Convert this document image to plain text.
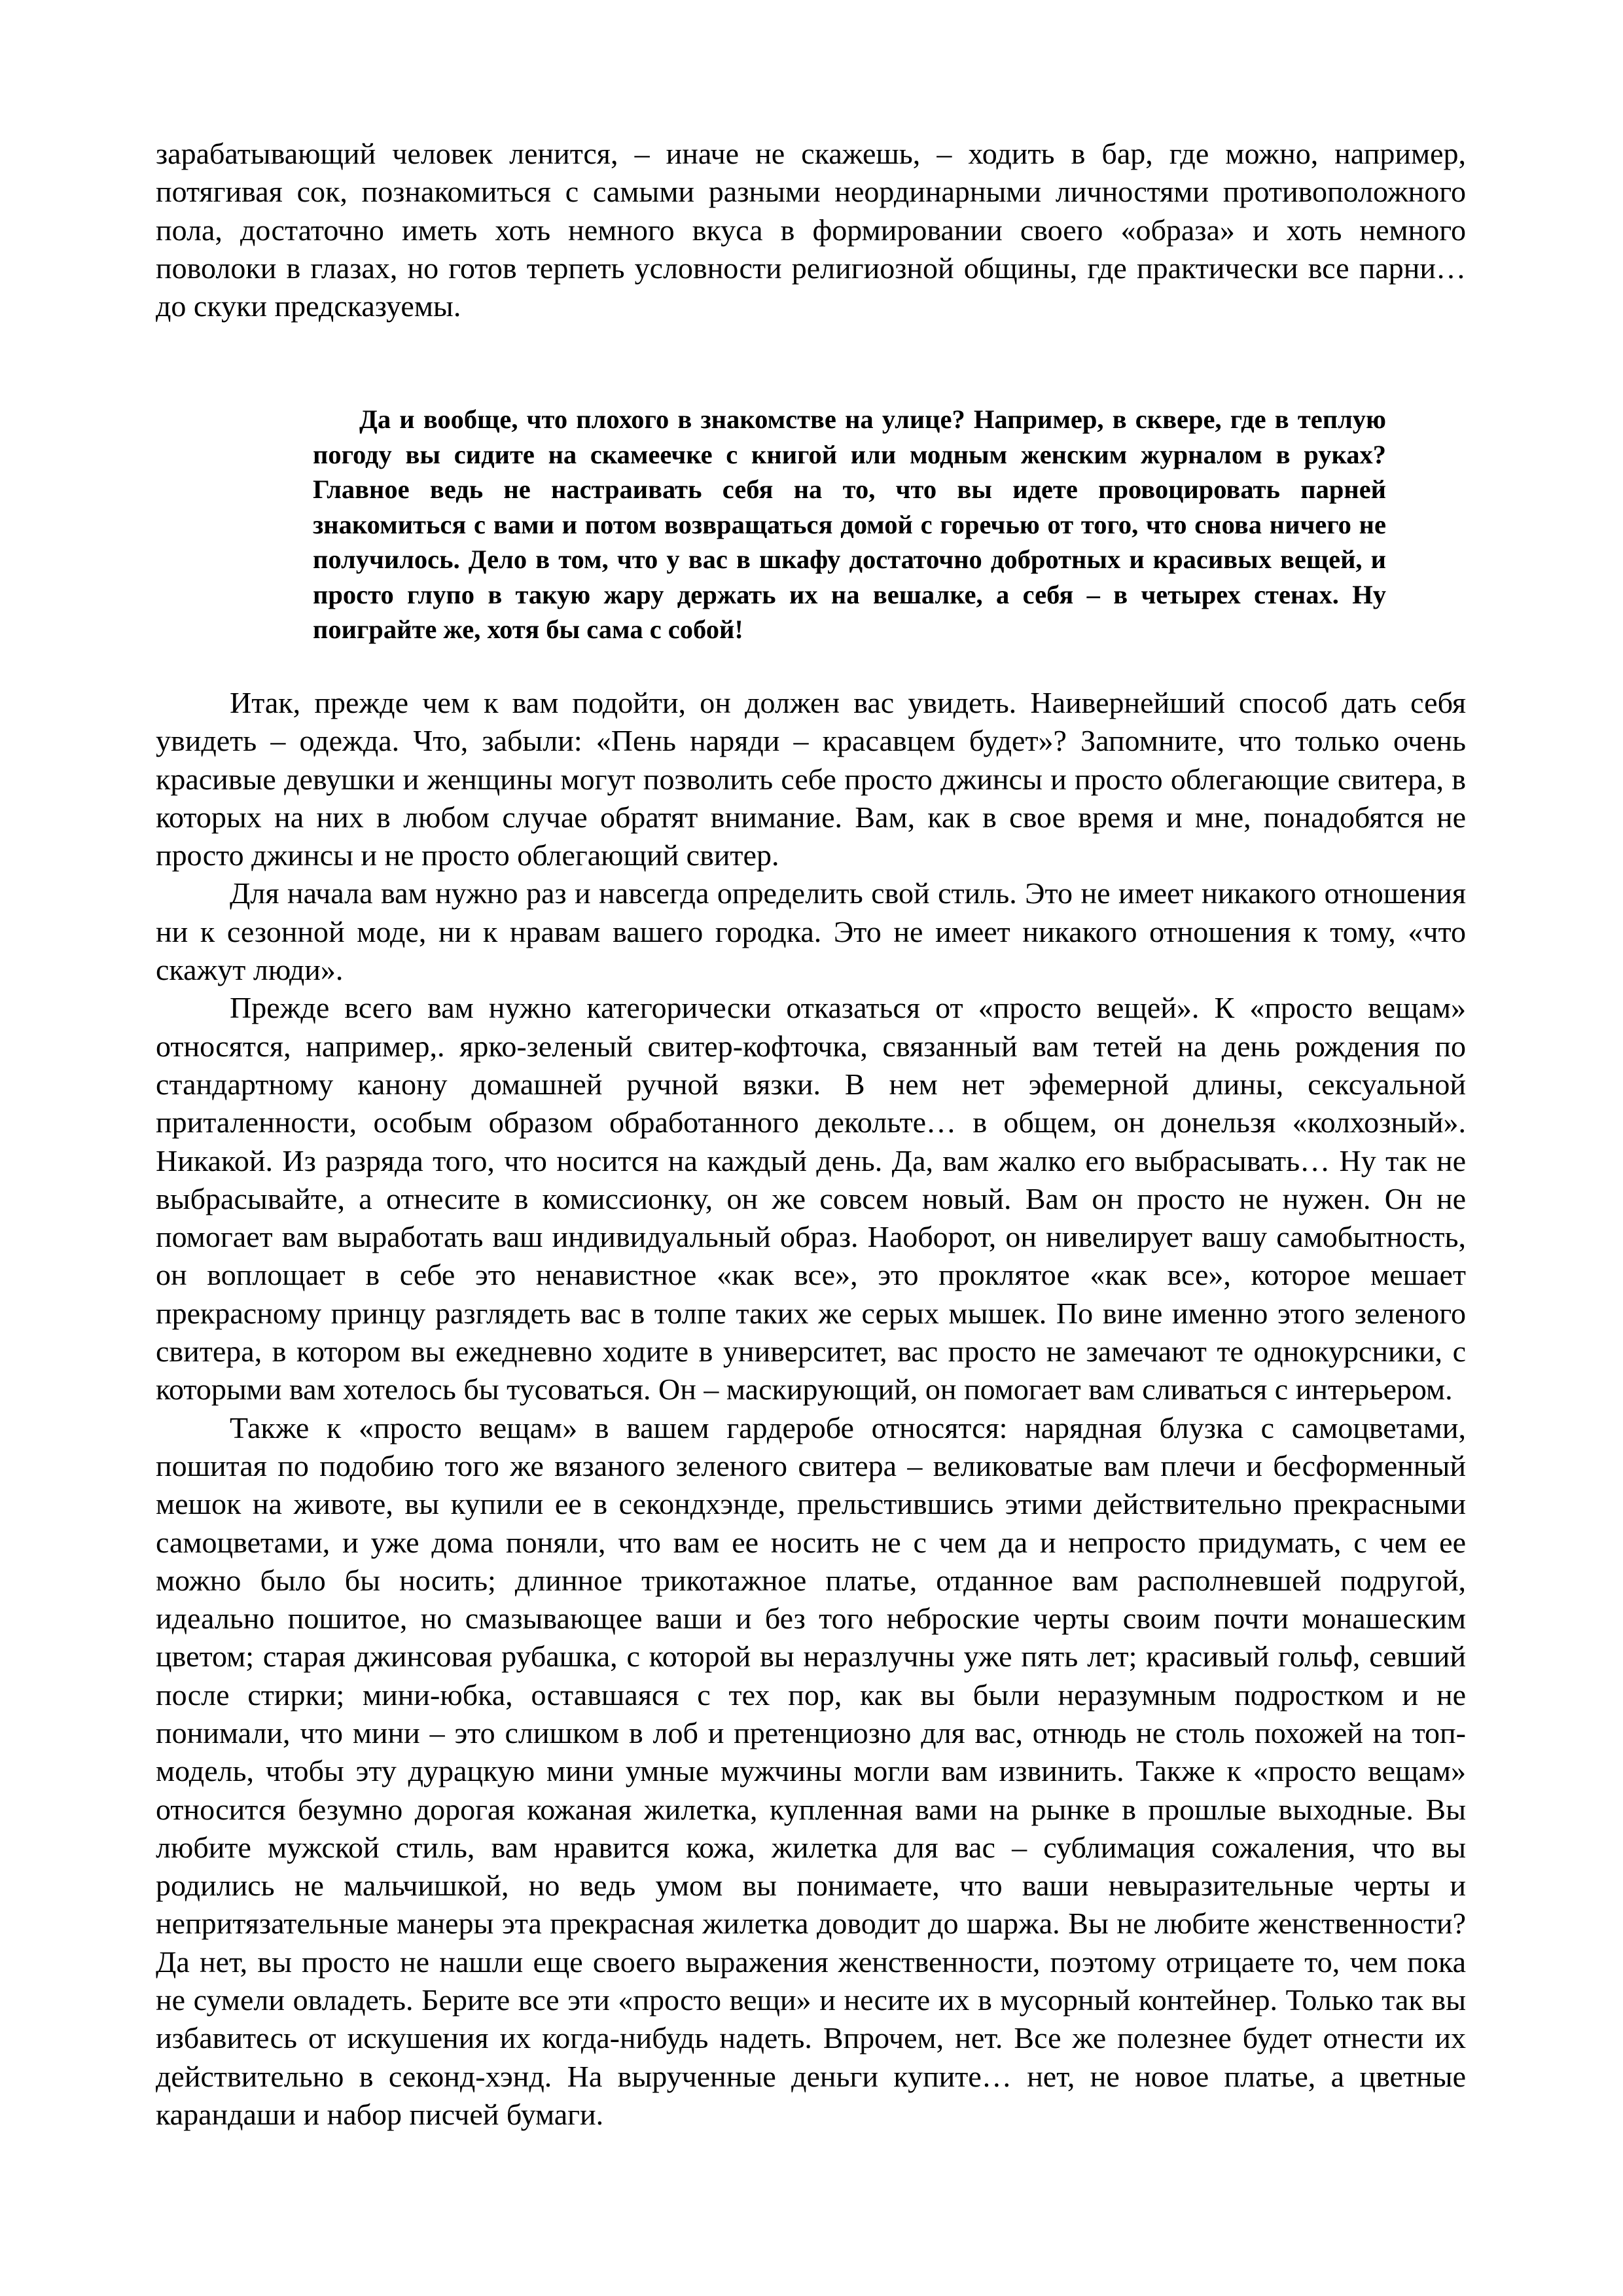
зарабатывающий человек ленится, – иначе не скажешь, – ходить в бар, где можно, например, потягивая сок, познакомиться с самыми разными неординарными личностями противоположного пола, достаточно иметь хоть немного вкуса в формировании своего «образа» и хоть немного поволоки в глазах, но готов терпеть условности религиозной общины, где практически все парни… до скуки предсказуемы.

Да и вообще, что плохого в знакомстве на улице? Например, в сквере, где в теплую погоду вы сидите на скамеечке с книгой или модным женским журналом в руках? Главное ведь не настраивать себя на то, что вы идете провоцировать парней знакомиться с вами и потом возвращаться домой с горечью от того, что снова ничего не получилось. Дело в том, что у вас в шкафу достаточно добротных и красивых вещей, и просто глупо в такую жару держать их на вешалке, а себя – в четырех стенах. Ну поиграйте же, хотя бы сама с собой!

Итак, прежде чем к вам подойти, он должен вас увидеть. Наивернейший способ дать себя увидеть – одежда. Что, забыли: «Пень наряди – красавцем будет»? Запомните, что только очень красивые девушки и женщины могут позволить себе просто джинсы и просто облегающие свитера, в которых на них в любом случае обратят внимание. Вам, как в свое время и мне, понадобятся не просто джинсы и не просто облегающий свитер.

Для начала вам нужно раз и навсегда определить свой стиль. Это не имеет никакого отношения ни к сезонной моде, ни к нравам вашего городка. Это не имеет никакого отношения к тому, «что скажут люди».

Прежде всего вам нужно категорически отказаться от «просто вещей». К «просто вещам» относятся, например,. ярко-зеленый свитер-кофточка, связанный вам тетей на день рождения по стандартному канону домашней ручной вязки. В нем нет эфемерной длины, сексуальной приталенности, особым образом обработанного декольте… в общем, он донельзя «колхозный». Никакой. Из разряда того, что носится на каждый день. Да, вам жалко его выбрасывать… Ну так не выбрасывайте, а отнесите в комиссионку, он же совсем новый. Вам он просто не нужен. Он не помогает вам выработать ваш индивидуальный образ. Наоборот, он нивелирует вашу самобытность, он воплощает в себе это ненавистное «как все», это проклятое «как все», которое мешает прекрасному принцу разглядеть вас в толпе таких же серых мышек. По вине именно этого зеленого свитера, в котором вы ежедневно ходите в университет, вас просто не замечают те однокурсники, с которыми вам хотелось бы тусоваться. Он – маскирующий, он помогает вам сливаться с интерьером.

Также к «просто вещам» в вашем гардеробе относятся: нарядная блузка с самоцветами, пошитая по подобию того же вязаного зеленого свитера – великоватые вам плечи и бесформенный мешок на животе, вы купили ее в секондхэнде, прельстившись этими действительно прекрасными самоцветами, и уже дома поняли, что вам ее носить не с чем да и непросто придумать, с чем ее можно было бы носить; длинное трикотажное платье, отданное вам располневшей подругой, идеально пошитое, но смазывающее ваши и без того неброские черты своим почти монашеским цветом; старая джинсовая рубашка, с которой вы неразлучны уже пять лет; красивый гольф, севший после стирки; мини-юбка, оставшаяся с тех пор, как вы были неразумным подростком и не понимали, что мини – это слишком в лоб и претенциозно для вас, отнюдь не столь похожей на топ-модель, чтобы эту дурацкую мини умные мужчины могли вам извинить. Также к «просто вещам» относится безумно дорогая кожаная жилетка, купленная вами на рынке в прошлые выходные. Вы любите мужской стиль, вам нравится кожа, жилетка для вас – сублимация сожаления, что вы родились не мальчишкой, но ведь умом вы понимаете, что ваши невыразительные черты и непритязательные манеры эта прекрасная жилетка доводит до шаржа. Вы не любите женственности? Да нет, вы просто не нашли еще своего выражения женственности, поэтому отрицаете то, чем пока не сумели овладеть. Берите все эти «просто вещи» и несите их в мусорный контейнер. Только так вы избавитесь от искушения их когда-нибудь надеть. Впрочем, нет. Все же полезнее будет отнести их действительно в секонд-хэнд. На вырученные деньги купите… нет, не новое платье, а цветные карандаши и набор писчей бумаги.
